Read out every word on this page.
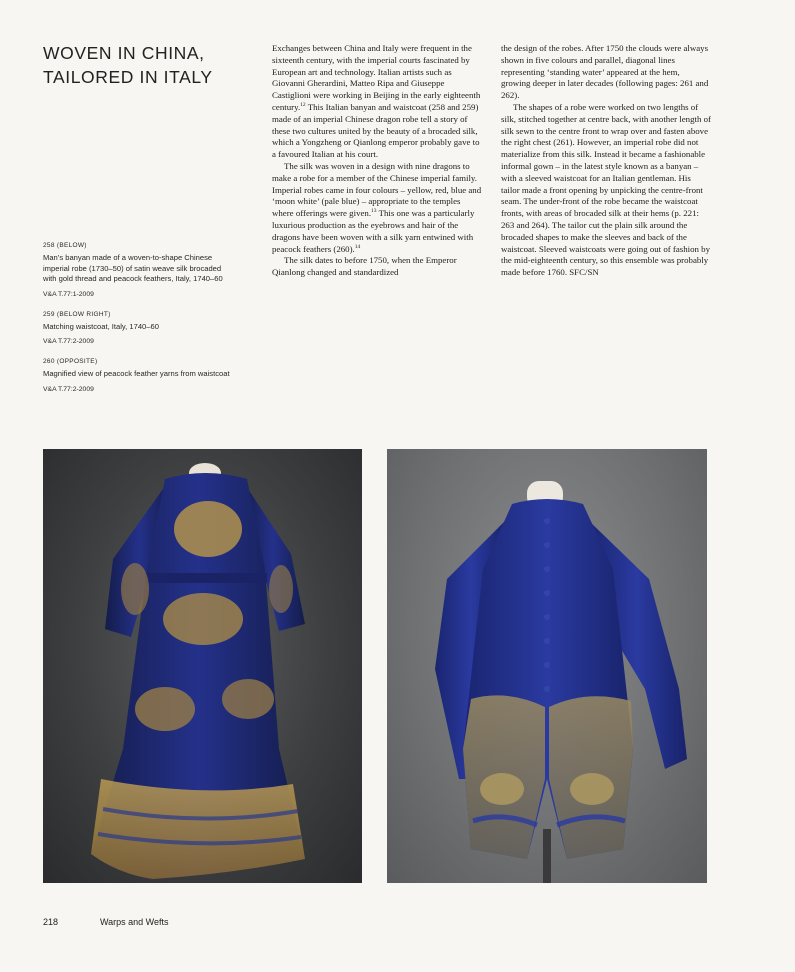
WOVEN IN CHINA,
TAILORED IN ITALY
258 (BELOW)
Man’s banyan made of a woven-to-shape Chinese imperial robe (1730–50) of satin weave silk brocaded with gold thread and peacock feathers, Italy, 1740–60
V&A T.77:1-2009
259 (BELOW RIGHT)
Matching waistcoat, Italy, 1740–60
V&A T.77:2-2009
260 (OPPOSITE)
Magnified view of peacock feather yarns from waistcoat
V&A T.77:2-2009

Exchanges between China and Italy were frequent in the sixteenth century, with the imperial courts fascinated by European art and technology. Italian artists such as Giovanni Gherardini, Matteo Ripa and Giuseppe Castiglioni were working in Beijing in the early eighteenth century.$^{12}$ This Italian banyan and waistcoat (258 and 259) made of an imperial Chinese dragon robe tell a story of these two cultures united by the beauty of a brocaded silk, which a Yongzheng or Qianlong emperor probably gave to a favoured Italian at his court.

The silk was woven in a design with nine dragons to make a robe for a member of the Chinese imperial family. Imperial robes came in four colours – yellow, red, blue and ‘moon white’ (pale blue) – appropriate to the temples where offerings were given.$^{13}$ This one was a particularly luxurious production as the eyebrows and hair of the dragons have been woven with a silk yarn entwined with peacock feathers (260).$^{14}$

The silk dates to before 1750, when the Emperor Qianlong changed and standardized

the design of the robes. After 1750 the clouds were always shown in five colours and parallel, diagonal lines representing ‘standing water’ appeared at the hem, growing deeper in later decades (following pages: 261 and 262).

The shapes of a robe were worked on two lengths of silk, stitched together at centre back, with another length of silk sewn to the centre front to wrap over and fasten above the right chest (261). However, an imperial robe did not materialize from this silk. Instead it became a fashionable informal gown – in the latest style known as a banyan – with a sleeved waistcoat for an Italian gentleman. His tailor made a front opening by unpicking the centre-front seam. The under-front of the robe became the waistcoat fronts, with areas of brocaded silk at their hems (p. 221: 263 and 264). The tailor cut the plain silk around the brocaded shapes to make the sleeves and back of the waistcoat. Sleeved waistcoats were going out of fashion by the mid-eighteenth century, so this ensemble was probably made before 1760. SFC/SN

218	Warps and Wefts
